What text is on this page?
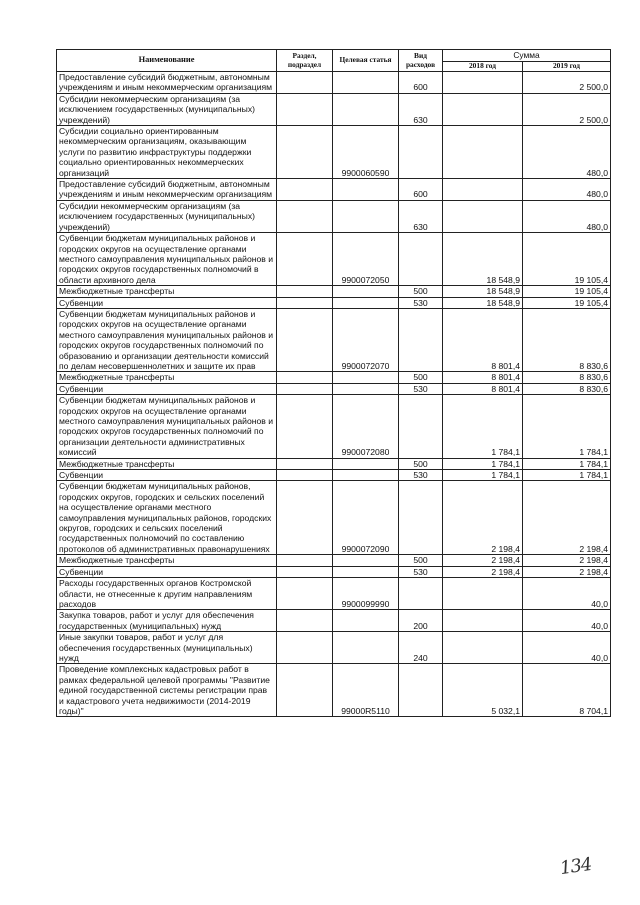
Наименование	Раздел, подраздел	Целевая статья	Вид расходов	Сумма	
				2018 год	2019 год
Предоставление субсидий бюджетным, автономным учреждениям и иным некоммерческим организациям			600		2 500,0
Субсидии некоммерческим организациям (за исключением государственных (муниципальных) учреждений)			630		2 500,0
Субсидии социально ориентированным некоммерческим организациям, оказывающим услуги по развитию инфраструктуры поддержки социально ориентированных некоммерческих организаций		9900060590			480,0
Предоставление субсидий бюджетным, автономным учреждениям и иным некоммерческим организациям			600		480,0
Субсидии некоммерческим организациям (за исключением государственных (муниципальных) учреждений)			630		480,0
Субвенции бюджетам муниципальных районов и городских округов на осуществление органами местного самоуправления муниципальных районов и городских округов государственных полномочий в области архивного дела		9900072050		18 548,9	19 105,4
Межбюджетные трансферты			500	18 548,9	19 105,4
Субвенции			530	18 548,9	19 105,4
Субвенции бюджетам муниципальных районов и городских округов на осуществление органами местного самоуправления муниципальных районов и городских округов государственных полномочий по образованию и организации деятельности комиссий по делам несовершеннолетних и защите их прав		9900072070		8 801,4	8 830,6
Межбюджетные трансферты			500	8 801,4	8 830,6
Субвенции			530	8 801,4	8 830,6
Субвенции бюджетам муниципальных районов и городских округов на осуществление органами местного самоуправления муниципальных районов и городских округов государственных полномочий по организации деятельности административных комиссий		9900072080		1 784,1	1 784,1
Межбюджетные трансферты			500	1 784,1	1 784,1
Субвенции			530	1 784,1	1 784,1
Субвенции бюджетам муниципальных районов, городских округов, городских и сельских поселений на осуществление органами местного самоуправления муниципальных районов, городских округов, городских и сельских поселений государственных полномочий по составлению протоколов об административных правонарушениях		9900072090		2 198,4	2 198,4
Межбюджетные трансферты			500	2 198,4	2 198,4
Субвенции			530	2 198,4	2 198,4
Расходы государственных органов Костромской области, не отнесенные к другим направлениям расходов		9900099990			40,0
Закупка товаров, работ и услуг для обеспечения государственных (муниципальных) нужд			200		40,0
Иные закупки товаров, работ и услуг для обеспечения государственных (муниципальных) нужд			240		40,0
Проведение комплексных кадастровых работ в рамках федеральной целевой программы "Развитие единой государственной системы регистрации прав и кадастрового учета недвижимости (2014-2019 годы)"		99000R5110		5 032,1	8 704,1
134
